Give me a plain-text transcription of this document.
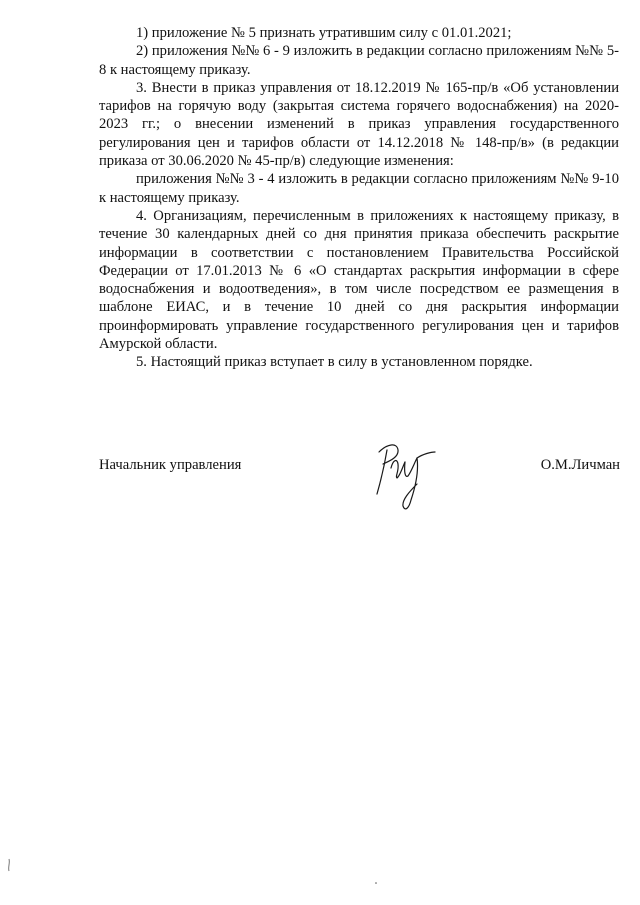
1) приложение № 5 признать утратившим силу с 01.01.2021;

2) приложения №№ 6 - 9 изложить в редакции согласно приложениям №№ 5-8 к настоящему приказу.

3. Внести в приказ управления от 18.12.2019 № 165-пр/в «Об установлении тарифов на горячую воду (закрытая система горячего водоснабжения) на 2020-2023 гг.; о внесении изменений в приказ управления государственного регулирования цен и тарифов области от 14.12.2018 № 148-пр/в» (в редакции приказа от 30.06.2020 № 45-пр/в) следующие изменения:

приложения №№ 3 - 4 изложить в редакции согласно приложениям №№ 9-10 к настоящему приказу.

4. Организациям, перечисленным в приложениях к настоящему приказу, в течение 30 календарных дней со дня принятия приказа обеспечить раскрытие информации в соответствии с постановлением Правительства Российской Федерации от 17.01.2013 № 6 «О стандартах раскрытия информации в сфере водоснабжения и водоотведения», в том числе посредством ее размещения в шаблоне ЕИАС, и в течение 10 дней со дня раскрытия информации проинформировать управление государственного регулирования цен и тарифов Амурской области.

5. Настоящий приказ вступает в силу в установленном порядке.

Начальник управления	О.М.Личман
